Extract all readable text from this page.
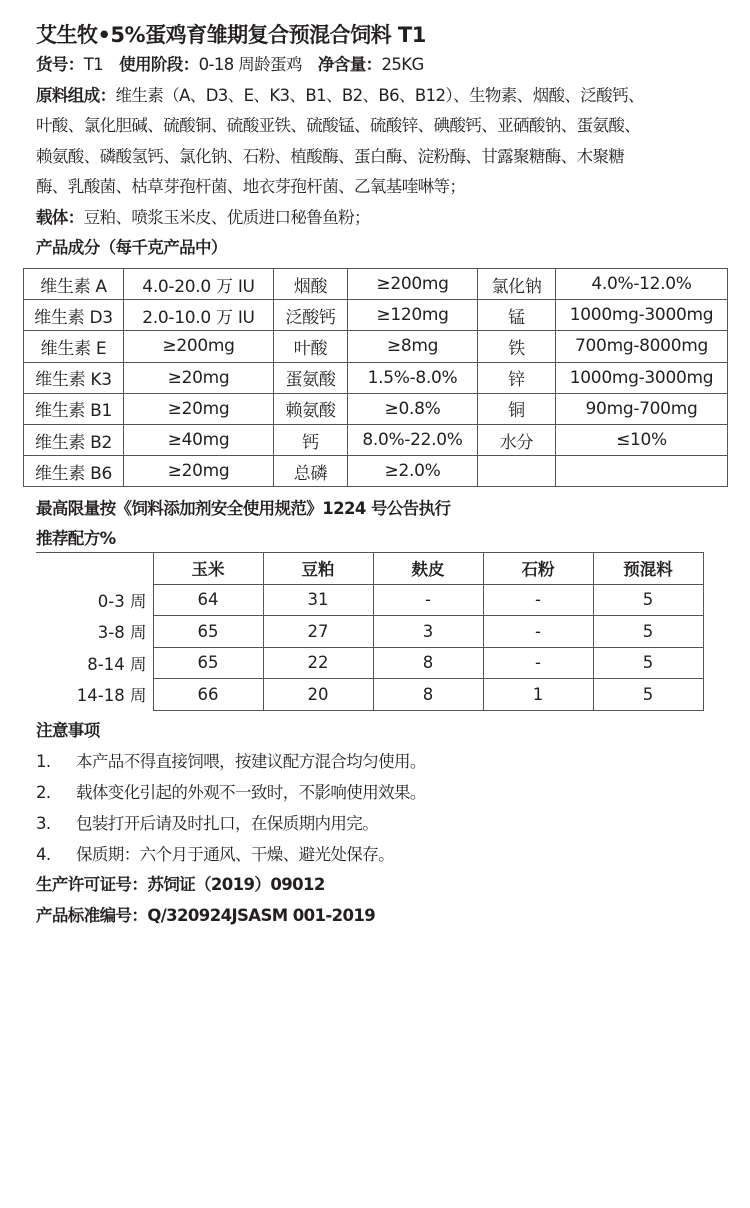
艾生牧•5%蛋鸡育雏期复合预混合饲料 T1
货号：T1 使用阶段：0-18 周龄蛋鸡 净含量：25KG
原料组成：维生素（A、D3、E、K3、B1、B2、B6、B12）、生物素、烟酸、泛酸钙、
叶酸、氯化胆碱、硫酸铜、硫酸亚铁、硫酸锰、硫酸锌、碘酸钙、亚硒酸钠、蛋氨酸、
赖氨酸、磷酸氢钙、氯化钠、石粉、植酸酶、蛋白酶、淀粉酶、甘露聚糖酶、木聚糖
酶、乳酸菌、枯草芽孢杆菌、地衣芽孢杆菌、乙氧基喹啉等；
载体：豆粕、喷浆玉米皮、优质进口秘鲁鱼粉；
产品成分（每千克产品中）
维生素 A	4.0-20.0 万 IU	烟酸	≥200mg	氯化钠	4.0%-12.0%
维生素 D3	2.0-10.0 万 IU	泛酸钙	≥120mg	锰	1000mg-3000mg
维生素 E	≥200mg	叶酸	≥8mg	铁	700mg-8000mg
维生素 K3	≥20mg	蛋氨酸	1.5%-8.0%	锌	1000mg-3000mg
维生素 B1	≥20mg	赖氨酸	≥0.8%	铜	90mg-700mg
维生素 B2	≥40mg	钙	8.0%-22.0%	水分	≤10%
维生素 B6	≥20mg	总磷	≥2.0%		
最高限量按《饲料添加剂安全使用规范》1224 号公告执行
推荐配方%
	玉米	豆粕	麸皮	石粉	预混料
0-3 周	64	31	-	-	5
3-8 周	65	27	3	-	5
8-14 周	65	22	8	-	5
14-18 周	66	20	8	1	5
注意事项
1. 本产品不得直接饲喂，按建议配方混合均匀使用。
2. 载体变化引起的外观不一致时，不影响使用效果。
3. 包装打开后请及时扎口，在保质期内用完。
4. 保质期：六个月于通风、干燥、避光处保存。
生产许可证号：苏饲证（2019）09012
产品标准编号：Q/320924JSASM 001-2019
